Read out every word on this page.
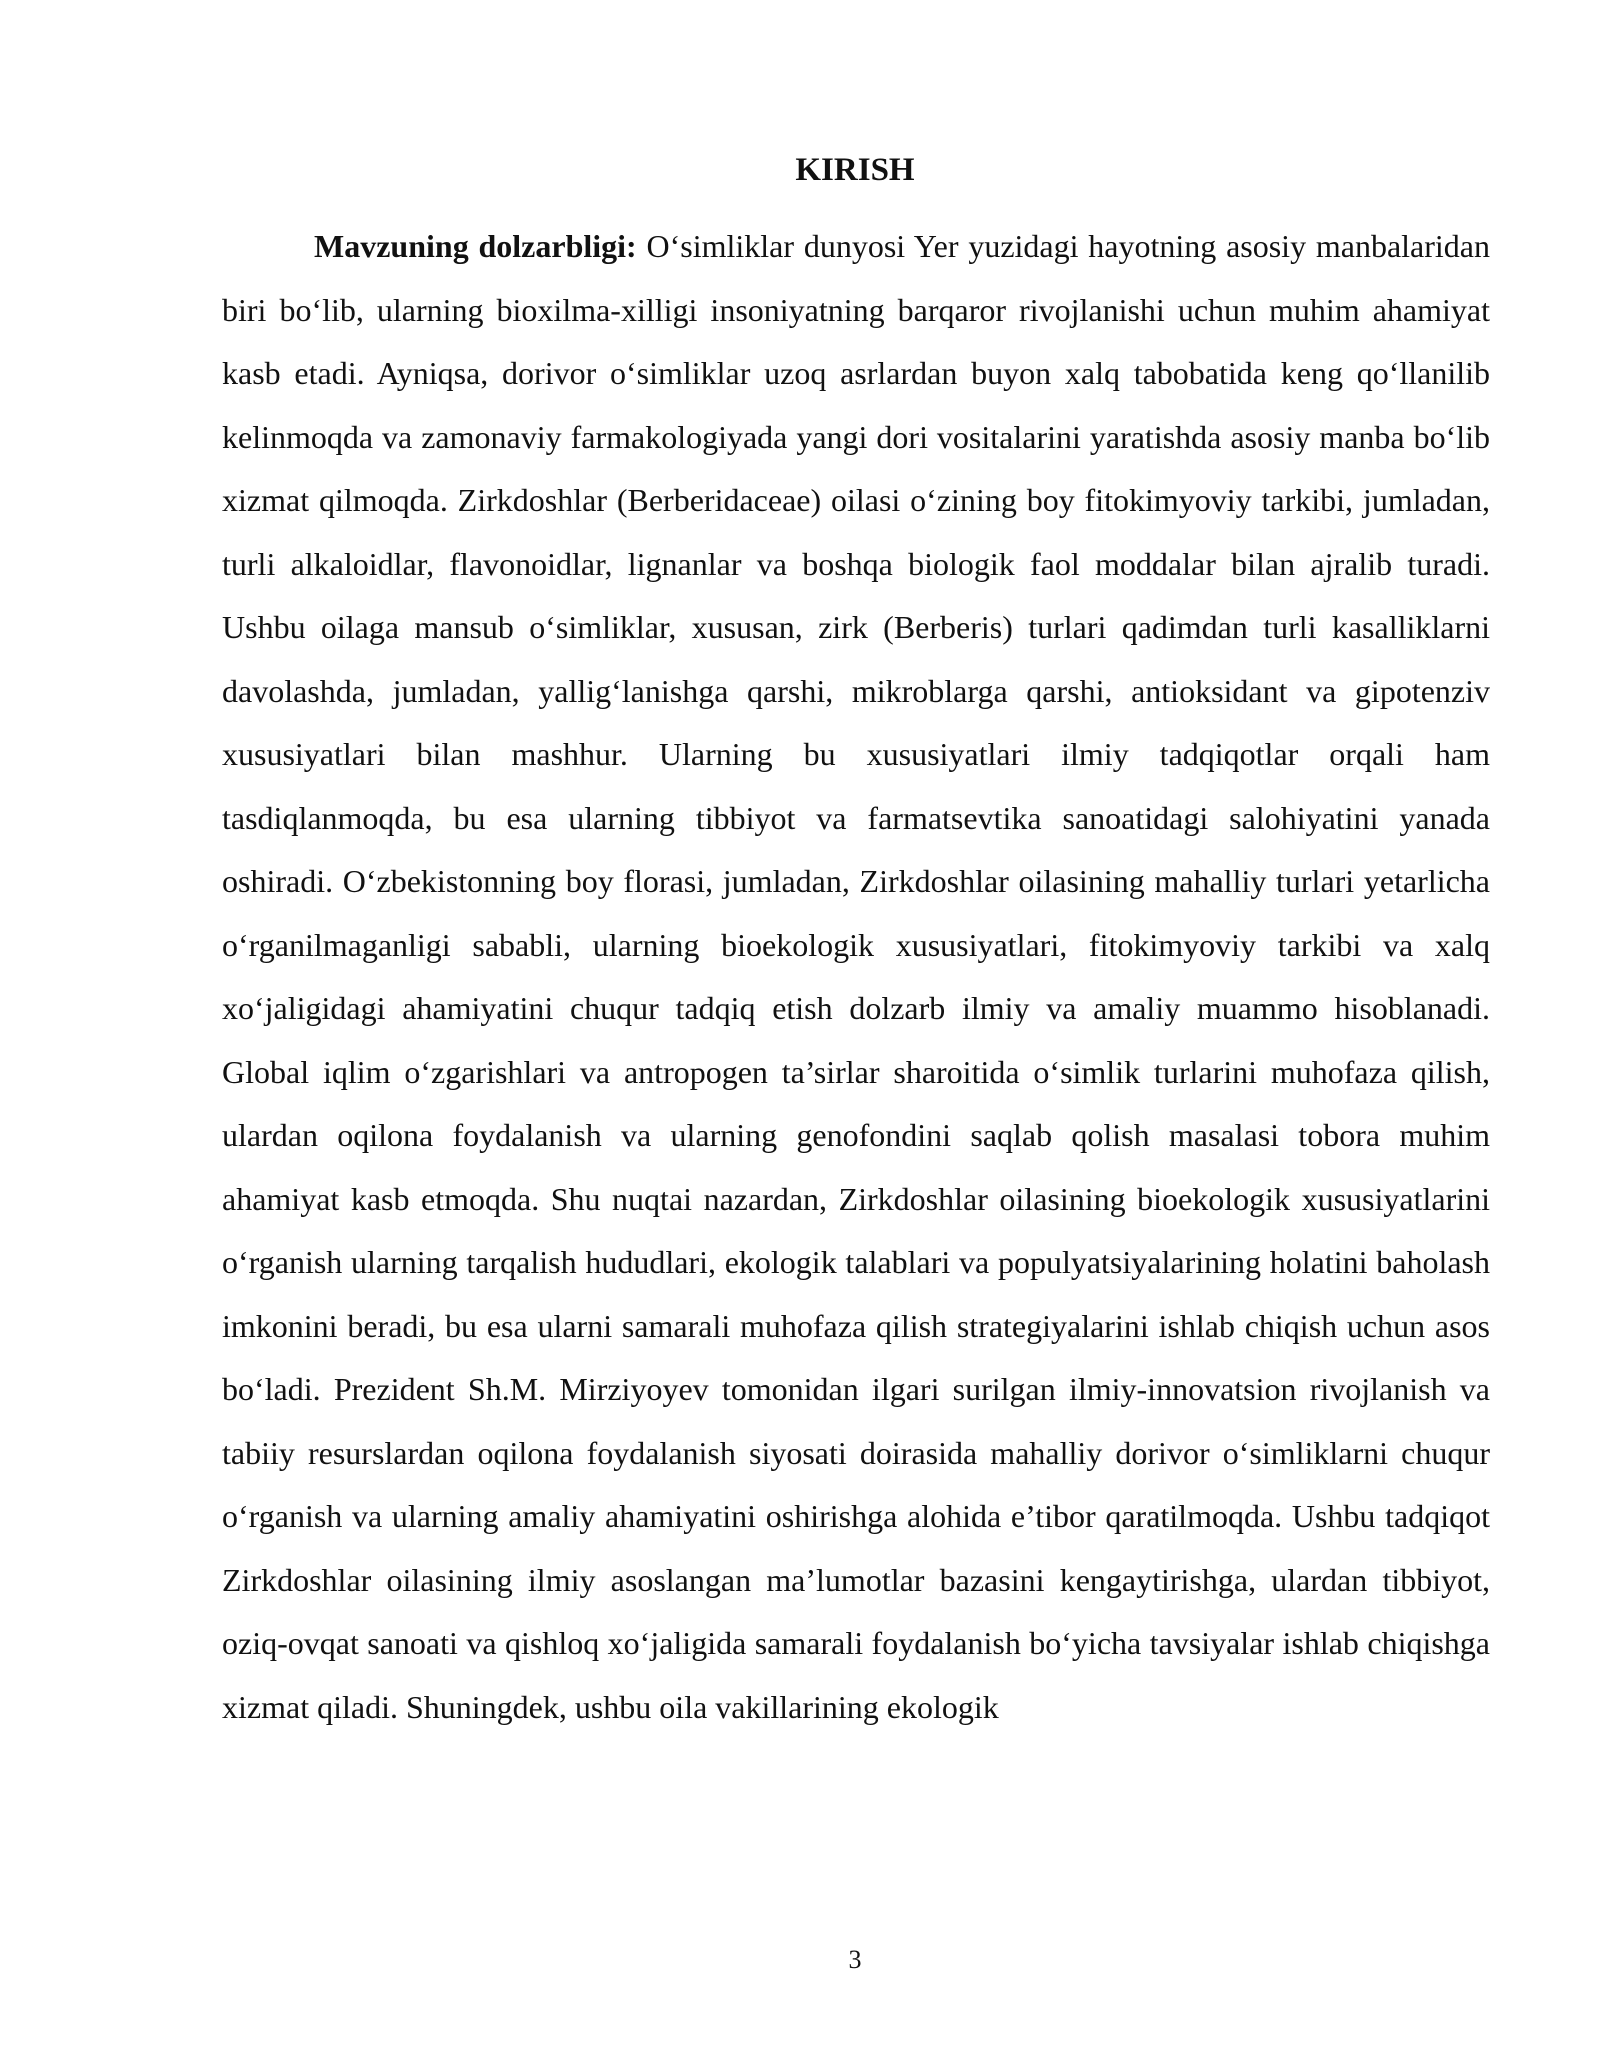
KIRISH

Mavzuning dolzarbligi: O‘simliklar dunyosi Yer yuzidagi hayotning asosiy manbalaridan biri bo‘lib, ularning bioxilma-xilligi insoniyatning barqaror rivojlanishi uchun muhim ahamiyat kasb etadi. Ayniqsa, dorivor o‘simliklar uzoq asrlardan buyon xalq tabobatida keng qo‘llanilib kelinmoqda va zamonaviy farmakologiyada yangi dori vositalarini yaratishda asosiy manba bo‘lib xizmat qilmoqda. Zirkdoshlar (Berberidaceae) oilasi o‘zining boy fitokimyoviy tarkibi, jumladan, turli alkaloidlar, flavonoidlar, lignanlar va boshqa biologik faol moddalar bilan ajralib turadi. Ushbu oilaga mansub o‘simliklar, xususan, zirk (Berberis) turlari qadimdan turli kasalliklarni davolashda, jumladan, yallig‘lanishga qarshi, mikroblarga qarshi, antioksidant va gipotenziv xususiyatlari bilan mashhur. Ularning bu xususiyatlari ilmiy tadqiqotlar orqali ham tasdiqlanmoqda, bu esa ularning tibbiyot va farmatsevtika sanoatidagi salohiyatini yanada oshiradi. O‘zbekistonning boy florasi, jumladan, Zirkdoshlar oilasining mahalliy turlari yetarlicha o‘rganilmaganligi sababli, ularning bioekologik xususiyatlari, fitokimyoviy tarkibi va xalq xo‘jaligidagi ahamiyatini chuqur tadqiq etish dolzarb ilmiy va amaliy muammo hisoblanadi. Global iqlim o‘zgarishlari va antropogen ta’sirlar sharoitida o‘simlik turlarini muhofaza qilish, ulardan oqilona foydalanish va ularning genofondini saqlab qolish masalasi tobora muhim ahamiyat kasb etmoqda. Shu nuqtai nazardan, Zirkdoshlar oilasining bioekologik xususiyatlarini o‘rganish ularning tarqalish hududlari, ekologik talablari va populyatsiyalarining holatini baholash imkonini beradi, bu esa ularni samarali muhofaza qilish strategiyalarini ishlab chiqish uchun asos bo‘ladi. Prezident Sh.M. Mirziyoyev tomonidan ilgari surilgan ilmiy-innovatsion rivojlanish va tabiiy resurslardan oqilona foydalanish siyosati doirasida mahalliy dorivor o‘simliklarni chuqur o‘rganish va ularning amaliy ahamiyatini oshirishga alohida e’tibor qaratilmoqda. Ushbu tadqiqot Zirkdoshlar oilasining ilmiy asoslangan ma’lumotlar bazasini kengaytirishga, ulardan tibbiyot, oziq-ovqat sanoati va qishloq xo‘jaligida samarali foydalanish bo‘yicha tavsiyalar ishlab chiqishga xizmat qiladi. Shuningdek, ushbu oila vakillarining ekologik

3
